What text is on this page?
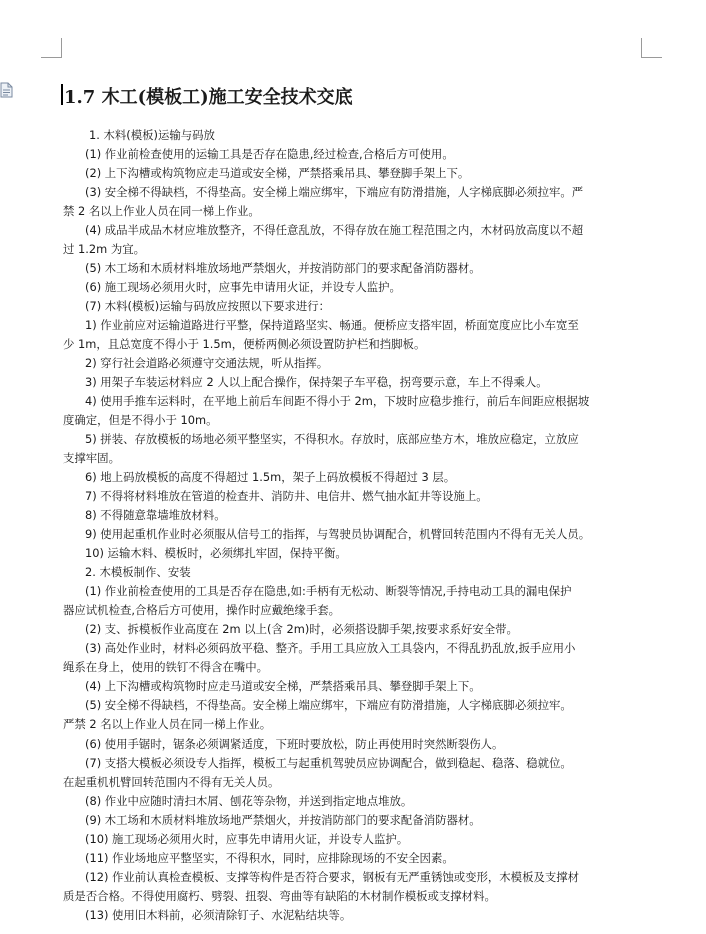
1.7 木工(模板工)施工安全技术交底
1. 木料(模板)运输与码放
(1) 作业前检查使用的运输工具是否存在隐患,经过检查,合格后方可使用。
(2) 上下沟槽或构筑物应走马道或安全梯，严禁搭乘吊具、攀登脚手架上下。
(3) 安全梯不得缺档，不得垫高。安全梯上端应绑牢，下端应有防滑措施，人字梯底脚必须拉牢。严
禁 2 名以上作业人员在同一梯上作业。
(4) 成品半成品木材应堆放整齐，不得任意乱放，不得存放在施工程范围之内，木材码放高度以不超
过 1.2m 为宜。
(5) 木工场和木质材料堆放场地严禁烟火，并按消防部门的要求配备消防器材。
(6) 施工现场必须用火时，应事先申请用火证，并设专人监护。
(7) 木料(模板)运输与码放应按照以下要求进行：
1) 作业前应对运输道路进行平整，保持道路坚实、畅通。便桥应支搭牢固，桥面宽度应比小车宽至
少 1m，且总宽度不得小于 1.5m，便桥两侧必须设置防护栏和挡脚板。
2) 穿行社会道路必须遵守交通法规，听从指挥。
3) 用架子车装运材料应 2 人以上配合操作，保持架子车平稳，拐弯要示意，车上不得乘人。
4) 使用手推车运料时，在平地上前后车间距不得小于 2m，下坡时应稳步推行，前后车间距应根据坡
度确定，但是不得小于 10m。
5) 拼装、存放模板的场地必须平整坚实，不得积水。存放时，底部应垫方木，堆放应稳定，立放应
支撑牢固。
6) 地上码放模板的高度不得超过 1.5m，架子上码放模板不得超过 3 层。
7) 不得将材料堆放在管道的检查井、消防井、电信井、燃气抽水缸井等设施上。
8) 不得随意靠墙堆放材料。
9) 使用起重机作业时必须服从信号工的指挥，与驾驶员协调配合，机臂回转范围内不得有无关人员。
10) 运输木料、模板时，必须绑扎牢固，保持平衡。
2. 木模板制作、安装
(1) 作业前检查使用的工具是否存在隐患,如:手柄有无松动、断裂等情况,手持电动工具的漏电保护
器应试机检查,合格后方可使用，操作时应戴绝缘手套。
(2) 支、拆模板作业高度在 2m 以上(含 2m)时，必须搭设脚手架,按要求系好安全带。
(3) 高处作业时，材料必须码放平稳、整齐。手用工具应放入工具袋内，不得乱扔乱放,扳手应用小
绳系在身上，使用的铁钉不得含在嘴中。
(4) 上下沟槽或构筑物时应走马道或安全梯，严禁搭乘吊具、攀登脚手架上下。
(5) 安全梯不得缺档，不得垫高。安全梯上端应绑牢，下端应有防滑措施，人字梯底脚必须拉牢。
严禁 2 名以上作业人员在同一梯上作业。
(6) 使用手锯时，锯条必须调紧适度，下班时要放松，防止再使用时突然断裂伤人。
(7) 支搭大模板必须设专人指挥，模板工与起重机驾驶员应协调配合，做到稳起、稳落、稳就位。
在起重机机臂回转范围内不得有无关人员。
(8) 作业中应随时清扫木屑、刨花等杂物，并送到指定地点堆放。
(9) 木工场和木质材料堆放场地严禁烟火，并按消防部门的要求配备消防器材。
(10) 施工现场必须用火时，应事先申请用火证，并设专人监护。
(11) 作业场地应平整坚实，不得积水，同时，应排除现场的不安全因素。
(12) 作业前认真检查模板、支撑等构件是否符合要求，钢板有无严重锈蚀或变形，木模板及支撑材
质是否合格。不得使用腐朽、劈裂、扭裂、弯曲等有缺陷的木材制作模板或支撑材料。
(13) 使用旧木料前，必须清除钉子、水泥粘结块等。
